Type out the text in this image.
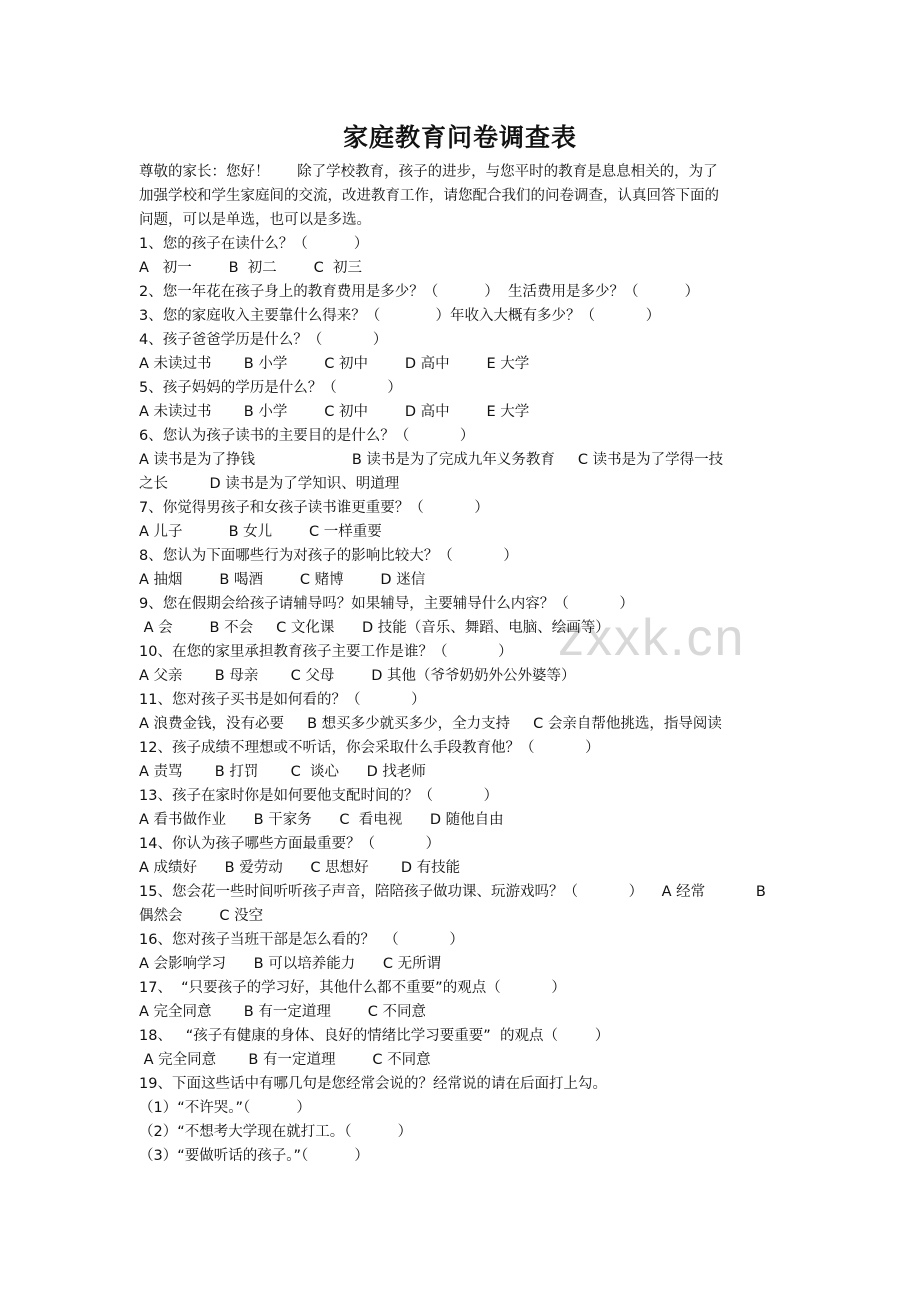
zxxk.cn
家庭教育问卷调查表
尊敬的家长：您好！      除了学校教育，孩子的进步，与您平时的教育是息息相关的，为了
加强学校和学生家庭间的交流，改进教育工作，请您配合我们的问卷调查，认真回答下面的
问题，可以是单选，也可以是多选。
1、您的孩子在读什么？（          ）
A   初一        B  初二        C  初三
2、您一年花在孩子身上的教育费用是多少？（          ）  生活费用是多少？（          ）
3、您的家庭收入主要靠什么得来？（            ）年收入大概有多少？（           ）
4、孩子爸爸学历是什么？（           ）
A 未读过书       B 小学        C 初中        D 高中        E 大学
5、孩子妈妈的学历是什么？（           ）
A 未读过书       B 小学        C 初中        D 高中        E 大学
6、您认为孩子读书的主要目的是什么？（           ）
A 读书是为了挣钱                     B 读书是为了完成九年义务教育     C 读书是为了学得一技
之长         D 读书是为了学知识、明道理
7、你觉得男孩子和女孩子读书谁更重要？（           ）
A 儿子          B 女儿        C 一样重要
8、您认为下面哪些行为对孩子的影响比较大？（           ）
A 抽烟        B 喝酒        C 赌博        D 迷信
9、您在假期会给孩子请辅导吗？如果辅导，主要辅导什么内容？（           ）
A 会        B 不会     C 文化课      D 技能（音乐、舞蹈、电脑、绘画等）
10、在您的家里承担教育孩子主要工作是谁？（           ）
A 父亲       B 母亲       C 父母        D 其他（爷爷奶奶外公外婆等）
11、您对孩子买书是如何看的？（           ）
A 浪费金钱，没有必要     B 想买多少就买多少，全力支持     C 会亲自帮他挑选，指导阅读
12、孩子成绩不理想或不听话，你会采取什么手段教育他？（           ）
A 责骂       B 打罚       C  谈心      D 找老师
13、孩子在家时你是如何要他支配时间的？（           ）
A 看书做作业      B 干家务      C  看电视      D 随他自由
14、你认为孩子哪些方面最重要？（           ）
A 成绩好      B 爱劳动      C 思想好       D 有技能
15、您会花一些时间听听孩子声音，陪陪孩子做功课、玩游戏吗？（           ）    A 经常           B
偶然会        C 没空
16、您对孩子当班干部是怎么看的？  （           ）
A 会影响学习      B 可以培养能力      C 无所谓
17、  “只要孩子的学习好，其他什么都不重要”的观点（           ）
A 完全同意       B 有一定道理        C 不同意
18、   “孩子有健康的身体、良好的情绪比学习要重要”  的观点（        ）
A 完全同意       B 有一定道理        C 不同意
19、下面这些话中有哪几句是您经常会说的？经常说的请在后面打上勾。
（1）“不许哭。”（          ）
（2）“不想考大学现在就打工。（          ）
（3）“要做听话的孩子。”（          ）
